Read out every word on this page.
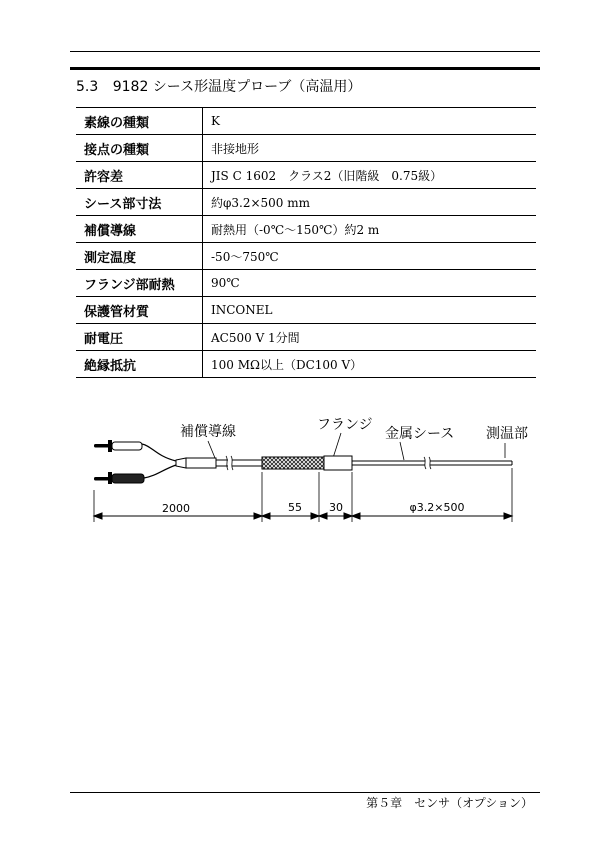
5.3 9182 シース形温度プローブ（高温用）
素線の種類	K
接点の種類	非接地形
許容差	JIS C 1602　クラス2（旧階級　0.75級）
シース部寸法	約φ3.2×500 mm
補償導線	耐熱用（-0℃～150℃）約2 m
測定温度	-50～750℃
フランジ部耐熱	90℃
保護管材質	INCONEL
耐電圧	AC500 V 1分間
絶縁抵抗	100 MΩ以上（DC100 V）
補償導線	フランジ
金属シース 測温部
2000	55 30	φ3.2×500
第５章　センサ（オプション）
